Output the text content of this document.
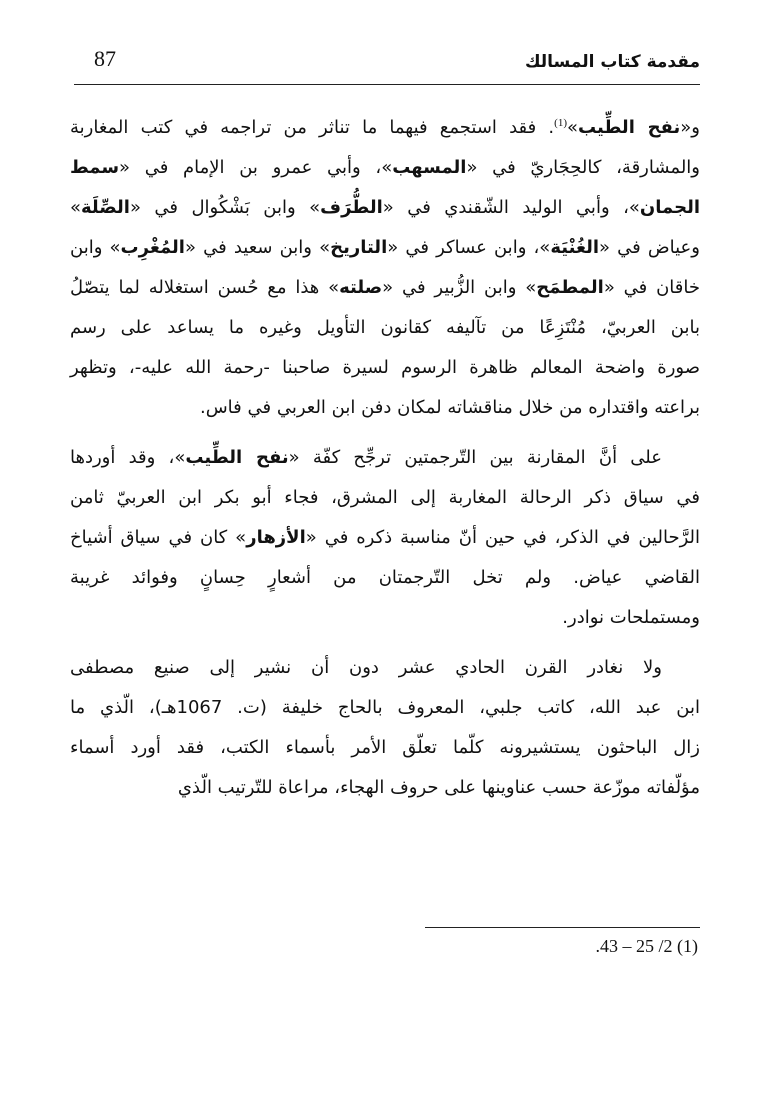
مقدمة كتاب المسالك
87
و«نفح الطِّيب»$^{(1)}$. فقد استجمع فيهما ما تناثر من تراجمه في كتب المغاربة
والمشارقة، كالحِجَاريّ في «المسهب»، وأبي عمرو بن الإمام في «سمط
الجمان»، وأبي الوليد الشّقندي في «الطُّرَف» وابن بَشْكُوال في «الصِّلَة»
وعياض في «الغُنْيَة»، وابن عساكر في «التاريخ» وابن سعيد في «المُغْرِب» وابن
خاقان في «المطمَح» وابن الزُّبير في «صلته» هذا مع حُسن استغلاله لما يتصّلُ
بابن العربيّ، مُنْتَزِعًا من تآليفه كقانون التأويل وغيره ما يساعد على رسم
صورة واضحة المعالم ظاهرة الرسوم لسيرة صاحبنا -رحمة الله عليه-، وتظهر
براعته واقتداره من خلال مناقشاته لمكان دفن ابن العربي في فاس.
على أنَّ المقارنة بين التّرجمتين ترجِّح كفّة «نفح الطِّيب»، وقد أوردها
في سياق ذكر الرحالة المغاربة إلى المشرق، فجاء أبو بكر ابن العربيّ ثامن
الرَّحالين في الذكر، في حين أنّ مناسبة ذكره في «الأزهار» كان في سياق أشياخ
القاضي عياض. ولم تخل التّرجمتان من أشعارٍ حِسانٍ وفوائد غريبة
ومستملحات نوادر.
ولا نغادر القرن الحادي عشر دون أن نشير إلى صنيع مصطفى
ابن عبد الله، كاتب جلبي، المعروف بالحاج خليفة (ت. 1067هـ)، الّذي ما
زال الباحثون يستشيرونه كلّما تعلّق الأمر بأسماء الكتب، فقد أورد أسماء
مؤلّفاته موزّعة حسب عناوينها على حروف الهجاء، مراعاة للتّرتيب الّذي
.43 – 25 /2 (1)
